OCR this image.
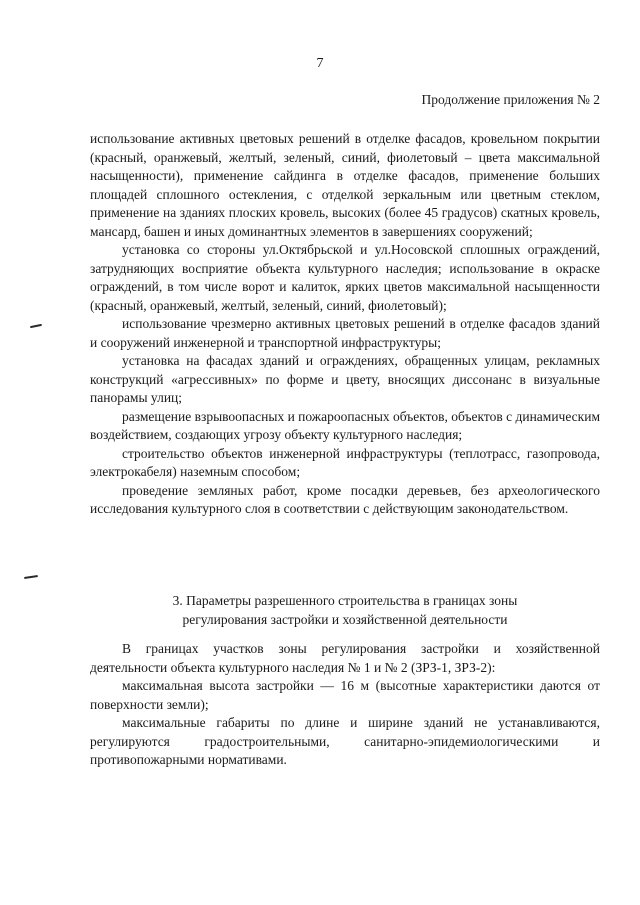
7
Продолжение приложения № 2

использование активных цветовых решений в отделке фасадов, кровельном покрытии (красный, оранжевый, желтый, зеленый, синий, фиолетовый – цвета максимальной насыщенности), применение сайдинга в отделке фасадов, применение больших площадей сплошного остекления, с отделкой зеркальным или цветным стеклом, применение на зданиях плоских кровель, высоких (более 45 градусов) скатных кровель, мансард, башен и иных доминантных элементов в завершениях сооружений;

установка со стороны ул.Октябрьской и ул.Носовской сплошных ограждений, затрудняющих восприятие объекта культурного наследия; использование в окраске ограждений, в том числе ворот и калиток, ярких цветов максимальной насыщенности (красный, оранжевый, желтый, зеленый, синий, фиолетовый);

использование чрезмерно активных цветовых решений в отделке фасадов зданий и сооружений инженерной и транспортной инфраструктуры;

установка на фасадах зданий и ограждениях, обращенных улицам, рекламных конструкций «агрессивных» по форме и цвету, вносящих диссонанс в визуальные панорамы улиц;

размещение взрывоопасных и пожароопасных объектов, объектов с динамическим воздействием, создающих угрозу объекту культурного наследия;

строительство объектов инженерной инфраструктуры (теплотрасс, газопровода, электрокабеля) наземным способом;

проведение земляных работ, кроме посадки деревьев, без археологического исследования культурного слоя в соответствии с действующим законодательством.

3. Параметры разрешенного строительства в границах зоны
регулирования застройки и хозяйственной деятельности

В границах участков зоны регулирования застройки и хозяйственной деятельности объекта культурного наследия № 1 и № 2 (ЗРЗ-1, ЗРЗ-2):

максимальная высота застройки — 16 м (высотные характеристики даются от поверхности земли);

максимальные габариты по длине и ширине зданий не устанавливаются, регулируются градостроительными, санитарно-эпидемиологическими и противопожарными нормативами.
